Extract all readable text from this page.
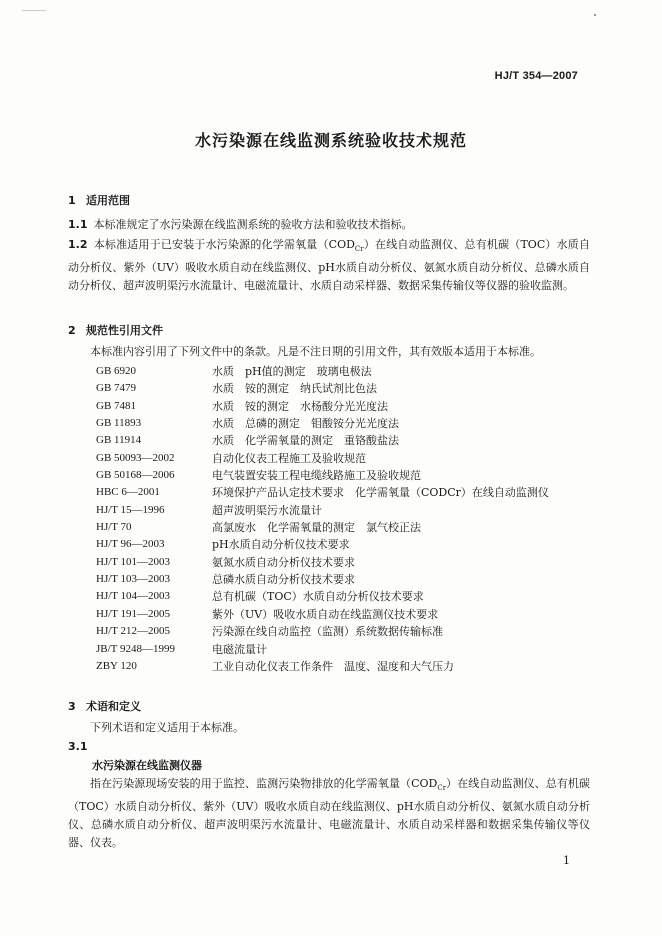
HJ/T 354—2007
水污染源在线监测系统验收技术规范
1 适用范围
1.1 本标准规定了水污染源在线监测系统的验收方法和验收技术指标。
1.2 本标准适用于已安装于水污染源的化学需氧量$(COD_{Cr})$在线自动监测仪、总有机碳（TOC）水质自动分析仪、紫外（UV）吸收水质自动在线监测仪、pH水质自动分析仪、氨氮水质自动分析仪、总磷水质自动分析仪、超声波明渠污水流量计、电磁流量计、水质自动采样器、数据采集传输仪等仪器的验收监测。
2 规范性引用文件
本标准内容引用了下列文件中的条款。凡是不注日期的引用文件，其有效版本适用于本标准。
GB 6920	水质　pH值的测定　玻璃电极法
GB 7479	水质　铵的测定　纳氏试剂比色法
GB 7481	水质　铵的测定　水杨酸分光光度法
GB 11893	水质　总磷的测定　钼酸铵分光光度法
GB 11914	水质　化学需氧量的测定　重铬酸盐法
GB 50093—2002	自动化仪表工程施工及验收规范
GB 50168—2006	电气装置安装工程电缆线路施工及验收规范
HBC 6—2001	环境保护产品认定技术要求　化学需氧量（CODCr）在线自动监测仪
HJ/T 15—1996	超声波明渠污水流量计
HJ/T 70	高氯废水　化学需氧量的测定　氯气校正法
HJ/T 96—2003	pH水质自动分析仪技术要求
HJ/T 101—2003	氨氮水质自动分析仪技术要求
HJ/T 103—2003	总磷水质自动分析仪技术要求
HJ/T 104—2003	总有机碳（TOC）水质自动分析仪技术要求
HJ/T 191—2005	紫外（UV）吸收水质自动在线监测仪技术要求
HJ/T 212—2005	污染源在线自动监控（监测）系统数据传输标准
JB/T 9248—1999	电磁流量计
ZBY 120	工业自动化仪表工作条件　温度、湿度和大气压力
3 术语和定义
下列术语和定义适用于本标准。
3.1
水污染源在线监测仪器
指在污染源现场安装的用于监控、监测污染物排放的化学需氧量$(COD_{Cr})$在线自动监测仪、总有机碳（TOC）水质自动分析仪、紫外（UV）吸收水质自动在线监测仪、pH水质自动分析仪、氨氮水质自动分析仪、总磷水质自动分析仪、超声波明渠污水流量计、电磁流量计、水质自动采样器和数据采集传输仪等仪器、仪表。
1
